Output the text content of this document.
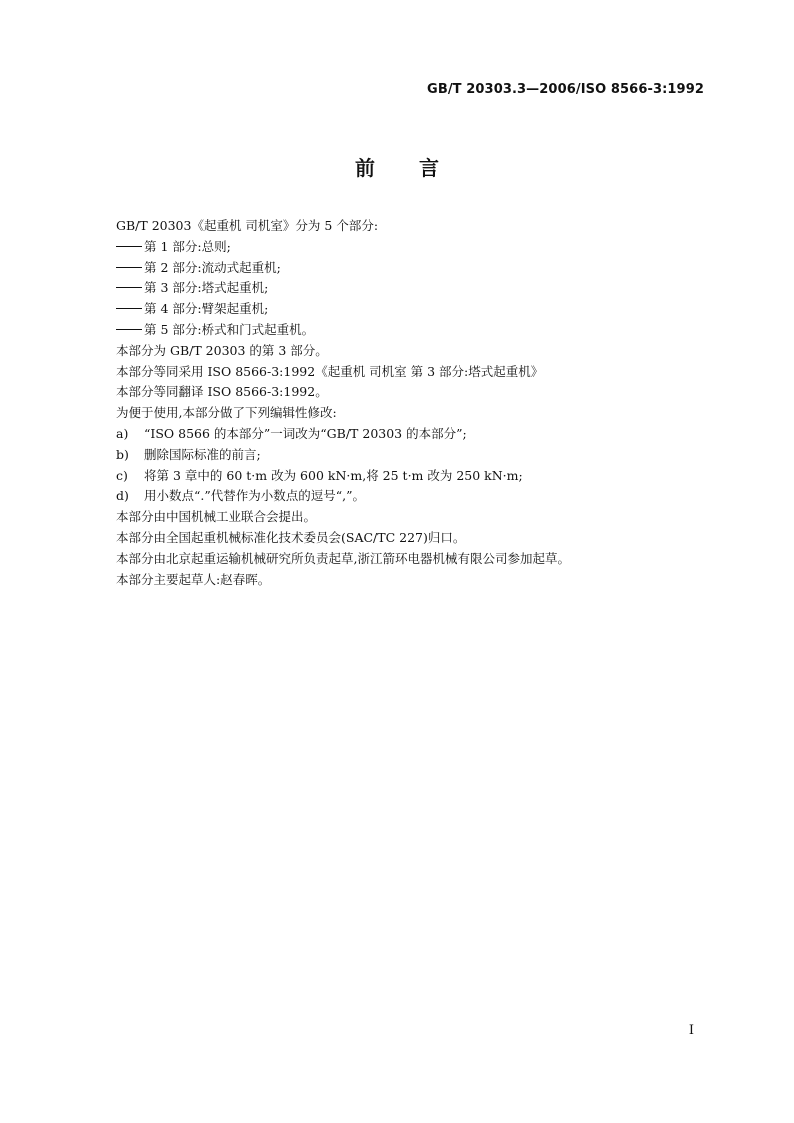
GB/T 20303.3—2006/ISO 8566-3:1992
前言
GB/T 20303《起重机 司机室》分为 5 个部分:
第 1 部分:总则;
第 2 部分:流动式起重机;
第 3 部分:塔式起重机;
第 4 部分:臂架起重机;
第 5 部分:桥式和门式起重机。
本部分为 GB/T 20303 的第 3 部分。
本部分等同采用 ISO 8566-3:1992《起重机 司机室 第 3 部分:塔式起重机》
本部分等同翻译 ISO 8566-3:1992。
为便于使用,本部分做了下列编辑性修改:
a) “ISO 8566 的本部分”一词改为“GB/T 20303 的本部分”;
b) 删除国际标准的前言;
c) 将第 3 章中的 60 t·m 改为 600 kN·m,将 25 t·m 改为 250 kN·m;
d) 用小数点“.”代替作为小数点的逗号“,”。
本部分由中国机械工业联合会提出。
本部分由全国起重机械标准化技术委员会(SAC/TC 227)归口。
本部分由北京起重运输机械研究所负责起草,浙江箭环电器机械有限公司参加起草。
本部分主要起草人:赵春晖。
I
